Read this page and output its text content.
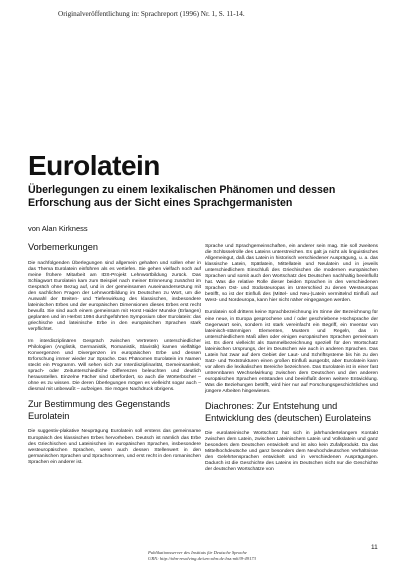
Originalveröffentlichung in: Sprachreport (1996) Nr. 1, S. 11-14.
Eurolatein
Überlegungen zu einem lexikalischen Phänomen und dessen Erforschung aus der Sicht eines Sprachgermanisten
von Alan Kirkness
Vorbemerkungen

Die nachfolgenden Überlegungen sind allgemein gehalten und sollen eher in das Thema Eurolatein einführen als es vertiefen. Sie gehen vielfach noch auf meine frühere Mitarbeit am IDS-Projekt Lehnwortbildung zurück. Das Schlagwort Eurolatein kam zum Beispiel nach meiner Erinnerung zunächst im Gespräch ohne Bezug auf, und in der gemeinsamen Auseinandersetzung mit den sachlichen Fragen der Lehnwortbildung im Deutschen zu Wort, um die Auswahl der Breiten- und Tiefenwirkung des klassischen, insbesondere lateinischen Erbes und der europäischen Dimensionen dieses Erbes erst recht bewußt. Sie sind auch einem gemeinsam mit Horst Haider Munske (Erlangen) geplanten und im Herbst 1994 durchgeführten Symposium über Eurolatein: das griechische und lateinische Erbe in den europäischen Sprachen stark verpflichtet.

Im interdisziplinären Gespräch zwischen Vertretern unterschiedlicher Philologien (Anglistik, Germanistik, Romanistik, Slavistik) kamen vielfältige Konvergenzen und Divergenzen im europäischen Erbe und dessen Erforschung immer wieder zur Sprache. Das Phänomen Eurolatein im Namen steckt ein Programm. Will sehen sich zur Interdisziplinarität, Gemeinsamkeit, sprach- oder Zeitunterschiedliche Differenzen beleuchten und deutlich herausstellen. Einzelne Fächer sind überfordert, so auch die Wörterbücher – ohne es zu wissen. Die deren Überlegungen mögen es vielleicht sogar auch – diesmal mit unbewußt – aufzeigen. Sie mögen Nachdruck übrigens.

Zur Bestimmung des Gegenstands Eurolatein

Die suggestiv-plakative Neuprägung Eurolatein soll erstens das gemeinsame Europäisch des klassischen Erbes hervorheben. Deutsch ist nämlich das Erbe des Griechischen und Lateinischen im europäischen Sprachen, insbesondere westeuropäischen Sprachen, wenn auch dessen Stellenwert in den germanischen Sprachen und Sprachnormen, und erst recht in den romanischen Sprachen ein anderer ist.

Sprache und Sprachgemeinschaften, ein anderer sein mag. Sie soll zweitens die Schlüsselrolle des Lateins unterstreichen. Es galt ja nicht als linguistisches Allgemeingut, daß das Latein in historisch verschiedener Ausprägung, u. a. das klassische Latein, Spätlatein, Mittellatein und Neulatein und in jeweils unterschiedlichem Einschluß des Griechischen die modernen europäischen Sprachen und somit auch den Wortschatz des Deutschen nachhaltig beeinflußt hat. Was die relative Rolle dieser beiden Sprachen in den verschiedenen Sprachen Ost- und Südosteuropas im Unterschied zu denen Westeuropas betrifft, so ist der Einfluß des (Mittel- und Neu-)Latein vermittelnd Einfluß auf West- und Nordeuropa, kann hier nicht näher eingegangen werden.

Eurolatein soll drittens keine Sprachbezeichnung im Sinne der Bezeichnung für eine neue, in Europa gesprochene und / oder geschriebene Hochsprache der Gegenwart sein, sondern ist stark vereinfacht ein Begriff, ein Inventar von lateinisch-stämmigen Elementen, Mustern und Regeln, das in unterschiedlichem Maß allen oder einigen europäischen Sprachen gemeinsam ist. Es dient vielleicht als Sammelbezeichnung speziell für den Wortschatz lateinischen Ursprungs, der im Deutschen wie auch in anderen Sprachen. Das Latein hat zwar auf dem Gebiet der Laut- und Schriftsysteme bis hin zu den Satz- und Textstrukturen einen großen Einfluß ausgeübt, aber Eurolatein kann vor allem die lexikalischen Bereiche bezeichnen. Das Eurolatein ist in einer fast untrennbaren Wechselwirkung zwischen dem Deutschen und den anderen europäischen Sprachen entstanden und beeinflußt deren weitere Entwicklung. Was die Beziehungen betrifft, wird hier nur auf Forschungsgeschichtliches und jüngere Arbeiten hingewiesen.

Diachrones: Zur Entstehung und Entwicklung des (deutschen) Eurolateins

Die eurolateinische Wortschatz hat sich in jahrhundertelangem Kontakt zwischen dem Latein, zwischen Lateinischem Latein und Volkslatein und ganz besonders dem Deutschen entwickelt und ist also kein Zufallprodukt. Da das Mittelhochdeutsche und ganz besonders dem Neuhochdeutschen Verhältnisse den Gelehrtensprachen entwickelt und in verschiedenen Ausprägungen. Dadurch ist die Geschichte des Lateins im Deutschen nicht nur die Geschichte der deutschen Wortschätze von

11
Publikationsserver des Instituts für Deutsche Sprache
URN: http://nbn-resolving.de/urn:nbn:de:bsz:mh39-49173
